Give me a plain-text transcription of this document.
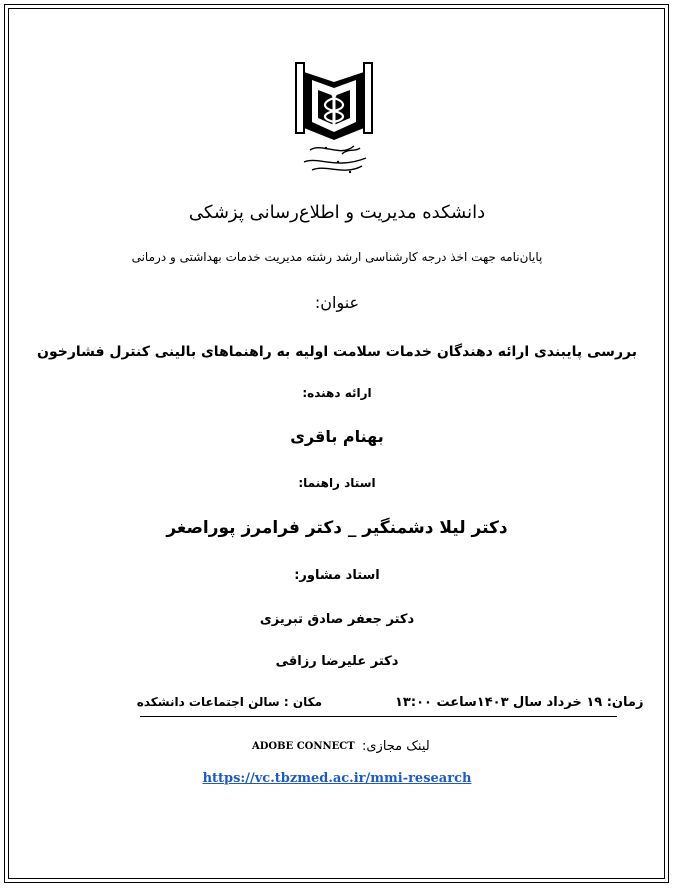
دانشکده مدیریت و اطلاع‌رسانی پزشکی
پایان‌نامه جهت اخذ درجه کارشناسی ارشد رشته مدیریت خدمات بهداشتی و درمانی
عنوان:
بررسی پایبندی ارائه دهندگان خدمات سلامت اولیه به راهنماهای بالینی کنترل فشارخون
ارائه دهنده:
بهنام باقری
استاد راهنما:
دکتر لیلا دشمنگیر _ دکتر فرامرز پوراصغر
استاد مشاور:
دکتر جعفر صادق تبریزی
دکتر علیرضا رزاقی
زمان: ۱۹ خرداد سال ۱۴۰۳ساعت ۱۳:۰۰
مکان : سالن اجتماعات دانشکده
لینک مجازی:
ADOBE CONNECT
https://vc.tbzmed.ac.ir/mmi-research
